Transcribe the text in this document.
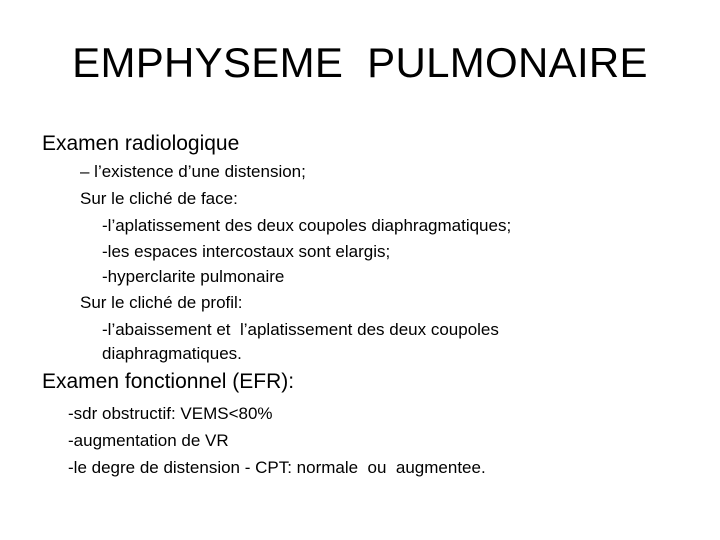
EMPHYSEME  PULMONAIRE
Examen radiologique
– l’existence d’une distension;
Sur le cliché de face:
-l’aplatissement des deux coupoles diaphragmatiques;
-les espaces intercostaux sont elargis;
-hyperclarite pulmonaire
Sur le cliché de profil:
-l’abaissement et  l’aplatissement des deux coupoles
diaphragmatiques.
Examen fonctionnel (EFR):
-sdr obstructif: VEMS<80%
-augmentation de VR
-le degre de distension - CPT: normale  ou  augmentee.
